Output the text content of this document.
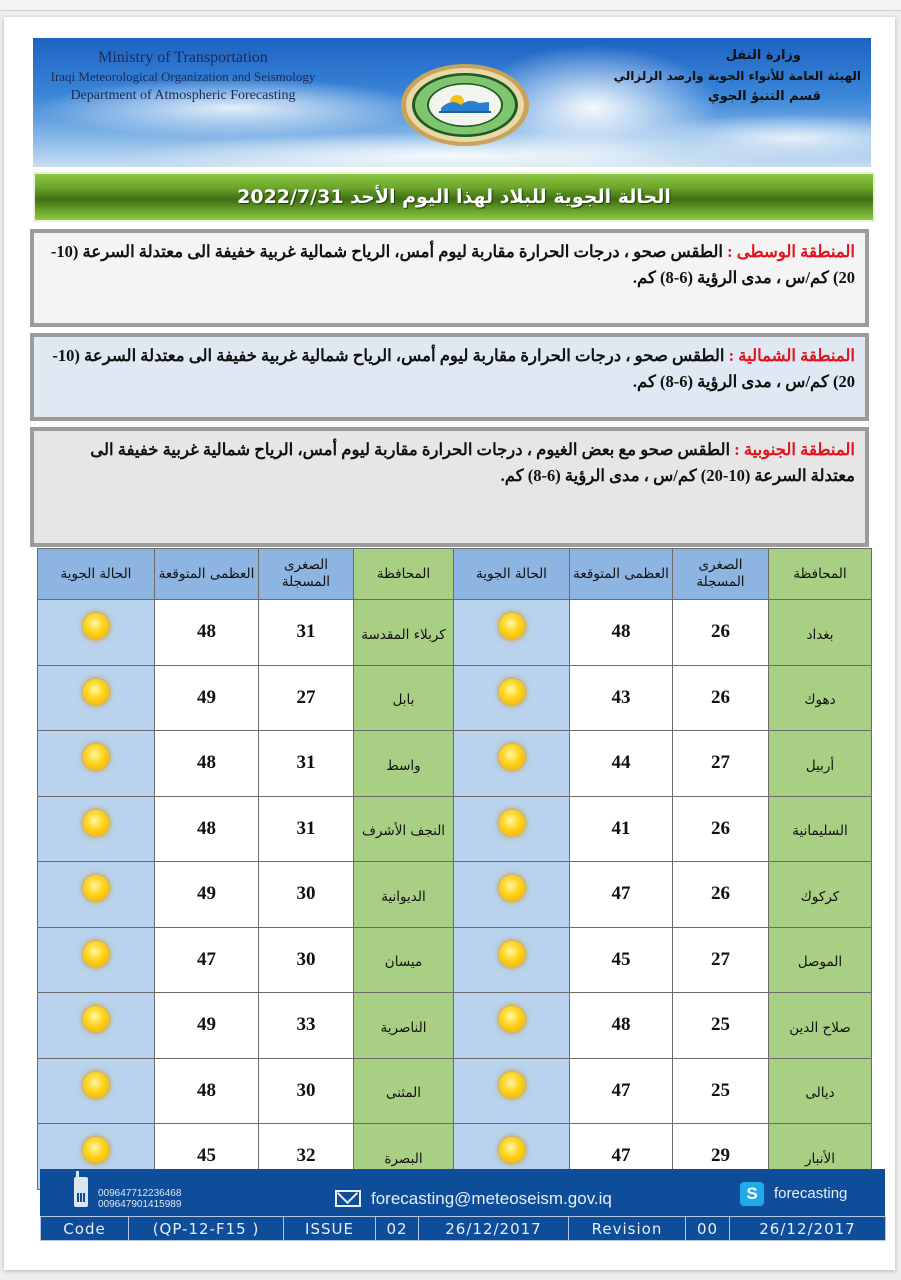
Ministry of Transportation
Iraqi Meteorological Organization and Seismology
Department of Atmospheric Forecasting
وزارة النقل
الهيئة العامة للأنواء الجوية وارصد الزلزالي
قسم التنبؤ الجوي
الحالة الجوية للبلاد لهذا اليوم الأحد 2022/7/31
المنطقة الوسطى : الطقس صحو ، درجات الحرارة مقاربة ليوم أمس، الرياح شمالية غربية خفيفة الى معتدلة السرعة (10-20) كم/س ، مدى الرؤية (6-8) كم.
المنطقة الشمالية : الطقس صحو ، درجات الحرارة مقاربة ليوم أمس، الرياح شمالية غربية خفيفة الى معتدلة السرعة (10-20) كم/س ، مدى الرؤية (6-8) كم.
المنطقة الجنوبية : الطقس صحو مع بعض الغيوم ، درجات الحرارة مقاربة ليوم أمس، الرياح شمالية غربية خفيفة الى معتدلة السرعة (10-20) كم/س ، مدى الرؤية (6-8) كم.
المحافظة	الصغرى المسجلة	العظمى المتوقعة	الحالة الجوية	المحافظة	الصغرى المسجلة	العظمى المتوقعة	الحالة الجوية
بغداد	26	48		كربلاء المقدسة	31	48	
دهوك	26	43		بابل	27	49	
أربيل	27	44		واسط	31	48	
السليمانية	26	41		النجف الأشرف	31	48	
كركوك	26	47		الديوانية	30	49	
الموصل	27	45		ميسان	30	47	
صلاح الدين	25	48		الناصرية	33	49	
ديالى	25	47		المثنى	30	48	
الأنبار	29	47		البصرة	32	45	
009647712236468
009647901415989	forecasting@meteoseism.gov.iq	S	forecasting
Code	(QP-12-F15 )	ISSUE	02	26/12/2017	Revision	00	26/12/2017
